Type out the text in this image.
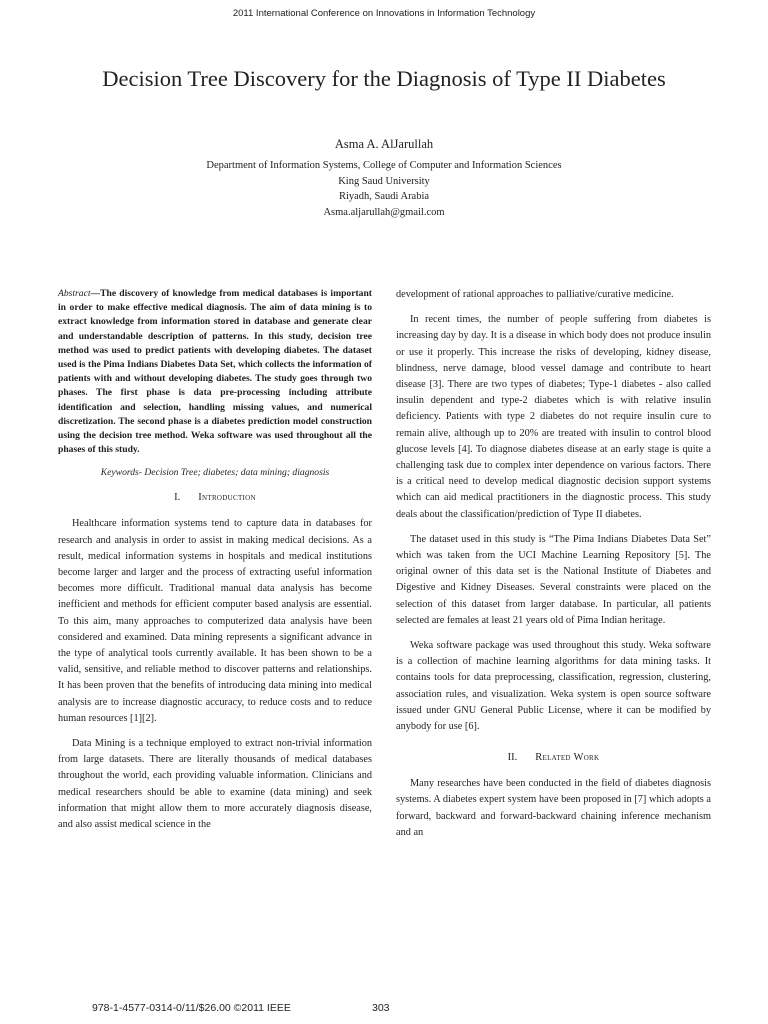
2011 International Conference on Innovations in Information Technology
Decision Tree Discovery for the Diagnosis of Type II Diabetes
Asma A. AlJarullah
Department of Information Systems, College of Computer and Information Sciences
King Saud University
Riyadh, Saudi Arabia
Asma.aljarullah@gmail.com

Abstract—The discovery of knowledge from medical databases is important in order to make effective medical diagnosis. The aim of data mining is to extract knowledge from information stored in database and generate clear and understandable description of patterns. In this study, decision tree method was used to predict patients with developing diabetes. The dataset used is the Pima Indians Diabetes Data Set, which collects the information of patients with and without developing diabetes. The study goes through two phases. The first phase is data pre-processing including attribute identification and selection, handling missing values, and numerical discretization. The second phase is a diabetes prediction model construction using the decision tree method. Weka software was used throughout all the phases of this study.

Keywords- Decision Tree; diabetes; data mining; diagnosis

I. Introduction

Healthcare information systems tend to capture data in databases for research and analysis in order to assist in making medical decisions. As a result, medical information systems in hospitals and medical institutions become larger and larger and the process of extracting useful information becomes more difficult. Traditional manual data analysis has become inefficient and methods for efficient computer based analysis are essential. To this aim, many approaches to computerized data analysis have been considered and examined. Data mining represents a significant advance in the type of analytical tools currently available. It has been shown to be a valid, sensitive, and reliable method to discover patterns and relationships. It has been proven that the benefits of introducing data mining into medical analysis are to increase diagnostic accuracy, to reduce costs and to reduce human resources [1][2].

Data Mining is a technique employed to extract non-trivial information from large datasets. There are literally thousands of medical databases throughout the world, each providing valuable information. Clinicians and medical researchers should be able to examine (data mining) and seek information that might allow them to more accurately diagnosis disease, and also assist medical science in the

development of rational approaches to palliative/curative medicine.

In recent times, the number of people suffering from diabetes is increasing day by day. It is a disease in which body does not produce insulin or use it properly. This increase the risks of developing, kidney disease, blindness, nerve damage, blood vessel damage and contribute to heart disease [3]. There are two types of diabetes; Type-1 diabetes - also called insulin dependent and type-2 diabetes which is with relative insulin deficiency. Patients with type 2 diabetes do not require insulin cure to remain alive, although up to 20% are treated with insulin to control blood glucose levels [4]. To diagnose diabetes disease at an early stage is quite a challenging task due to complex inter dependence on various factors. There is a critical need to develop medical diagnostic decision support systems which can aid medical practitioners in the diagnostic process. This study deals about the classification/prediction of Type II diabetes.

The dataset used in this study is “The Pima Indians Diabetes Data Set” which was taken from the UCI Machine Learning Repository [5]. The original owner of this data set is the National Institute of Diabetes and Digestive and Kidney Diseases. Several constraints were placed on the selection of this dataset from larger database. In particular, all patients selected are females at least 21 years old of Pima Indian heritage.

Weka software package was used throughout this study. Weka software is a collection of machine learning algorithms for data mining tasks. It contains tools for data preprocessing, classification, regression, clustering, association rules, and visualization. Weka system is open source software issued under GNU General Public License, where it can be modified by anybody for use [6].

II. Related Work

Many researches have been conducted in the field of diabetes diagnosis systems. A diabetes expert system have been proposed in [7] which adopts a forward, backward and forward-backward chaining inference mechanism and an

978-1-4577-0314-0/11/$26.00 ©2011 IEEE	303
